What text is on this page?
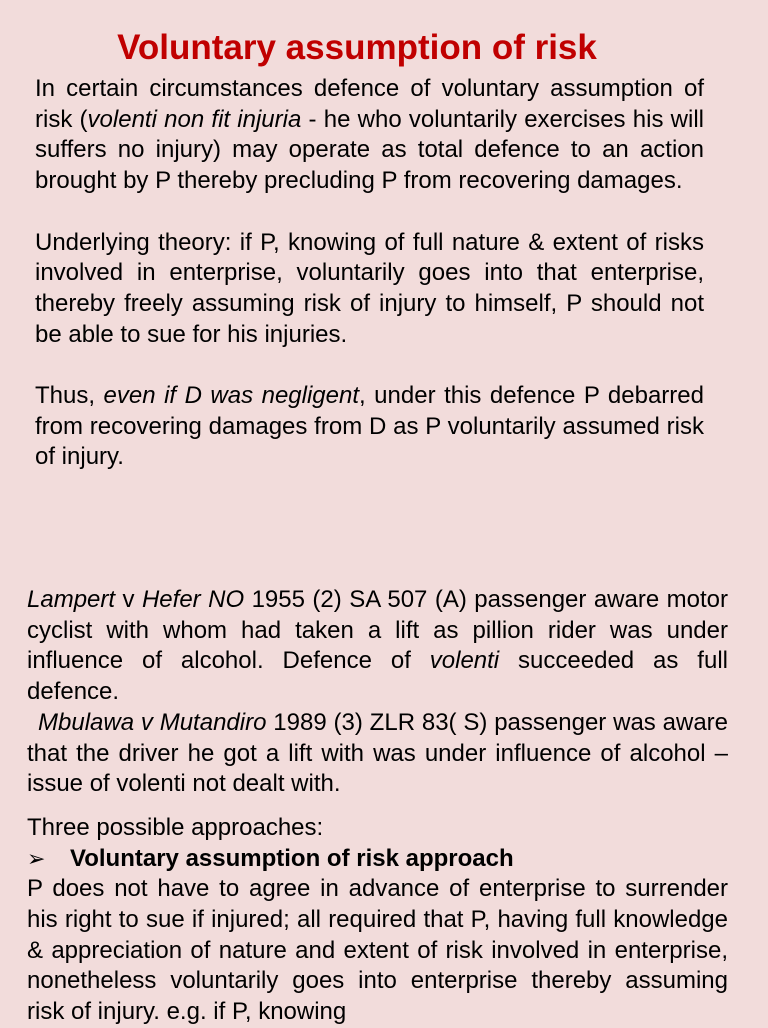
Voluntary assumption of risk

In certain circumstances defence of voluntary assumption of risk (volenti non fit injuria - he who voluntarily exercises his will suffers no injury) may operate as total defence to an action brought by P thereby precluding P from recovering damages.

Underlying theory: if P, knowing of full nature & extent of risks involved in enterprise, voluntarily goes into that enterprise, thereby freely assuming risk of injury to himself, P should not be able to sue for his injuries.

Thus, even if D was negligent, under this defence P debarred from recovering damages from D as P voluntarily assumed risk of injury.

Lampert v Hefer NO 1955 (2) SA 507 (A) passenger aware motor cyclist with whom had taken a lift as pillion rider was under influence of alcohol. Defence of volenti succeeded as full defence.

Mbulawa v Mutandiro 1989 (3) ZLR 83( S) passenger was aware that the driver he got a lift with was under influence of alcohol – issue of volenti not dealt with.

Three possible approaches:

➢	Voluntary assumption of risk approach

P does not have to agree in advance of enterprise to surrender his right to sue if injured; all required that P, having full knowledge & appreciation of nature and extent of risk involved in enterprise, nonetheless voluntarily goes into enterprise thereby assuming risk of injury. e.g. if P, knowing
